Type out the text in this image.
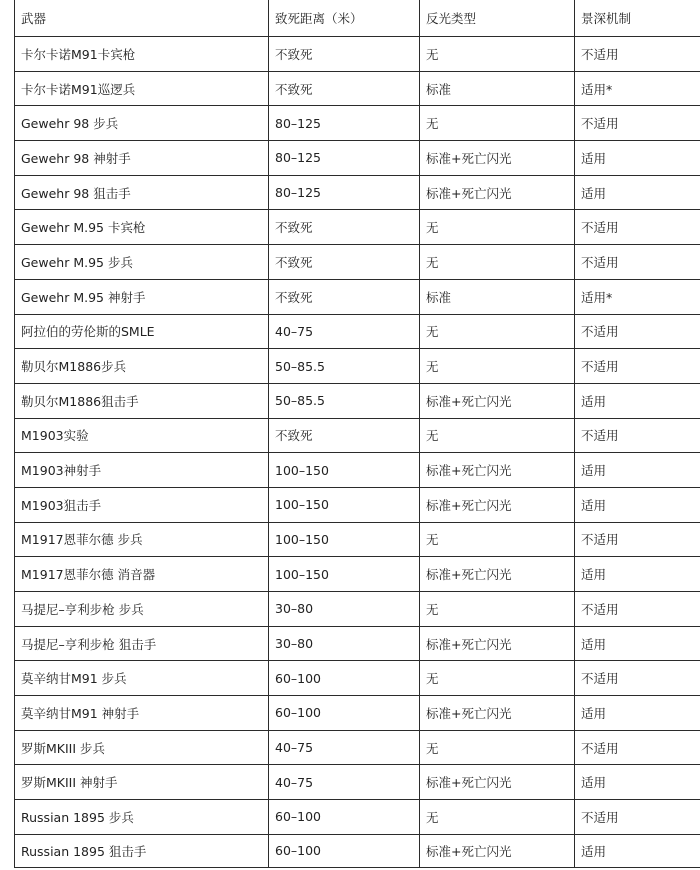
武器	致死距离（米）	反光类型	景深机制
卡尔卡诺M91卡宾枪	不致死	无	不适用
卡尔卡诺M91巡逻兵	不致死	标准	适用*
Gewehr 98 步兵	80–125	无	不适用
Gewehr 98 神射手	80–125	标准+死亡闪光	适用
Gewehr 98 狙击手	80–125	标准+死亡闪光	适用
Gewehr M.95 卡宾枪	不致死	无	不适用
Gewehr M.95 步兵	不致死	无	不适用
Gewehr M.95 神射手	不致死	标准	适用*
阿拉伯的劳伦斯的SMLE	40–75	无	不适用
勒贝尔M1886步兵	50–85.5	无	不适用
勒贝尔M1886狙击手	50–85.5	标准+死亡闪光	适用
M1903实验	不致死	无	不适用
M1903神射手	100–150	标准+死亡闪光	适用
M1903狙击手	100–150	标准+死亡闪光	适用
M1917恩菲尔德 步兵	100–150	无	不适用
M1917恩菲尔德 消音器	100–150	标准+死亡闪光	适用
马提尼–亨利步枪 步兵	30–80	无	不适用
马提尼–亨利步枪 狙击手	30–80	标准+死亡闪光	适用
莫辛纳甘M91 步兵	60–100	无	不适用
莫辛纳甘M91 神射手	60–100	标准+死亡闪光	适用
罗斯MKIII 步兵	40–75	无	不适用
罗斯MKIII 神射手	40–75	标准+死亡闪光	适用
Russian 1895 步兵	60–100	无	不适用
Russian 1895 狙击手	60–100	标准+死亡闪光	适用
